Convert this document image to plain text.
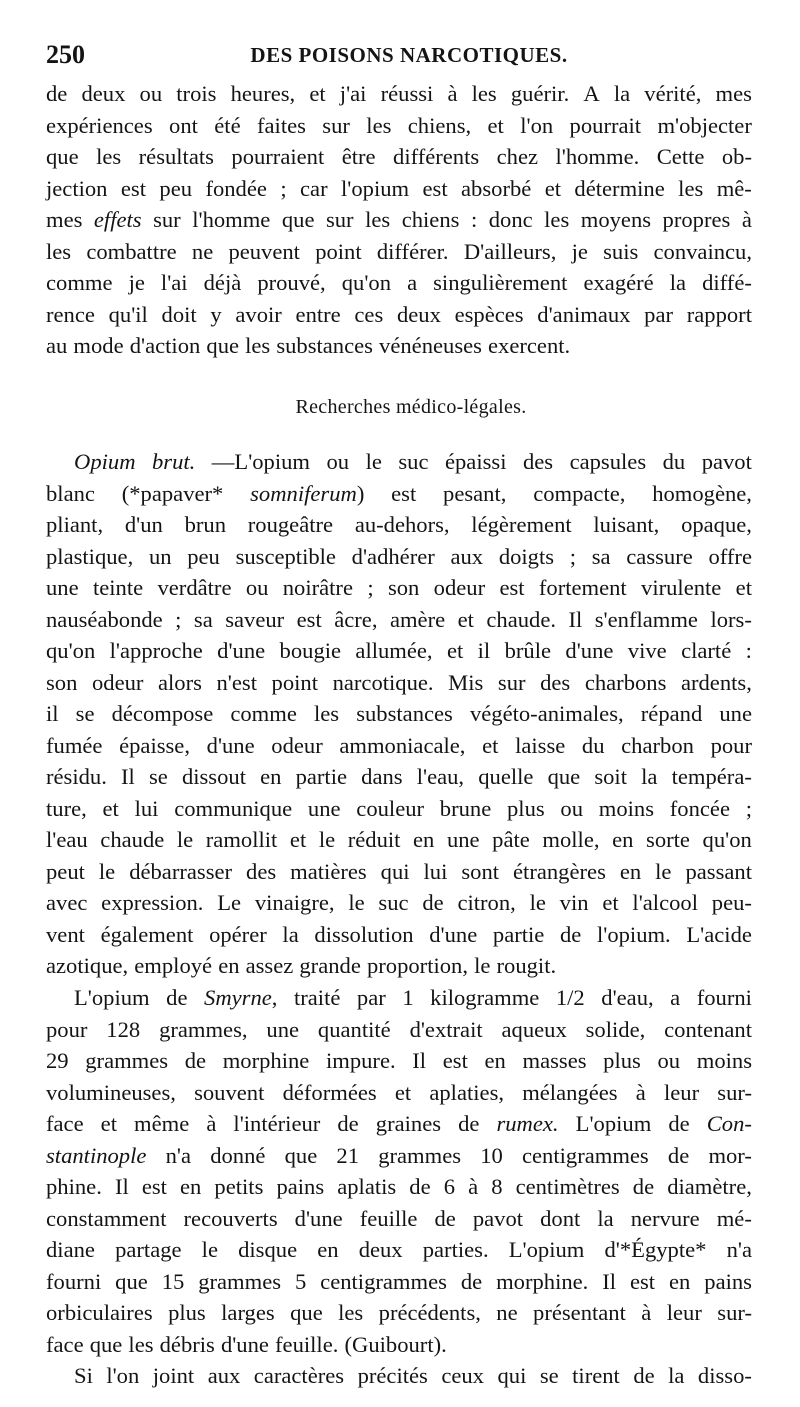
250	DES POISONS NARCOTIQUES.
de deux ou trois heures, et j'ai réussi à les guérir. A la vérité, mes
expériences ont été faites sur les chiens, et l'on pourrait m'objecter
que les résultats pourraient être différents chez l'homme. Cette ob-
jection est peu fondée ; car l'opium est absorbé et détermine les mê-
mes effets sur l'homme que sur les chiens : donc les moyens propres à
les combattre ne peuvent point différer. D'ailleurs, je suis convaincu,
comme je l'ai déjà prouvé, qu'on a singulièrement exagéré la diffé-
rence qu'il doit y avoir entre ces deux espèces d'animaux par rapport
au mode d'action que les substances vénéneuses exercent.
Recherches médico-légales.
Opium brut. —L'opium ou le suc épaissi des capsules du pavot
blanc (*papaver* somniferum) est pesant, compacte, homogène,
pliant, d'un brun rougeâtre au-dehors, légèrement luisant, opaque,
plastique, un peu susceptible d'adhérer aux doigts ; sa cassure offre
une teinte verdâtre ou noirâtre ; son odeur est fortement virulente et
nauséabonde ; sa saveur est âcre, amère et chaude. Il s'enflamme lors-
qu'on l'approche d'une bougie allumée, et il brûle d'une vive clarté :
son odeur alors n'est point narcotique. Mis sur des charbons ardents,
il se décompose comme les substances végéto-animales, répand une
fumée épaisse, d'une odeur ammoniacale, et laisse du charbon pour
résidu. Il se dissout en partie dans l'eau, quelle que soit la tempéra-
ture, et lui communique une couleur brune plus ou moins foncée ;
l'eau chaude le ramollit et le réduit en une pâte molle, en sorte qu'on
peut le débarrasser des matières qui lui sont étrangères en le passant
avec expression. Le vinaigre, le suc de citron, le vin et l'alcool peu-
vent également opérer la dissolution d'une partie de l'opium. L'acide
azotique, employé en assez grande proportion, le rougit.
L'opium de Smyrne, traité par 1 kilogramme 1/2 d'eau, a fourni
pour 128 grammes, une quantité d'extrait aqueux solide, contenant
29 grammes de morphine impure. Il est en masses plus ou moins
volumineuses, souvent déformées et aplaties, mélangées à leur sur-
face et même à l'intérieur de graines de rumex. L'opium de Con-
stantinople n'a donné que 21 grammes 10 centigrammes de mor-
phine. Il est en petits pains aplatis de 6 à 8 centimètres de diamètre,
constamment recouverts d'une feuille de pavot dont la nervure mé-
diane partage le disque en deux parties. L'opium d'*Égypte* n'a
fourni que 15 grammes 5 centigrammes de morphine. Il est en pains
orbiculaires plus larges que les précédents, ne présentant à leur sur-
face que les débris d'une feuille. (Guibourt).
Si l'on joint aux caractères précités ceux qui se tirent de la disso-
